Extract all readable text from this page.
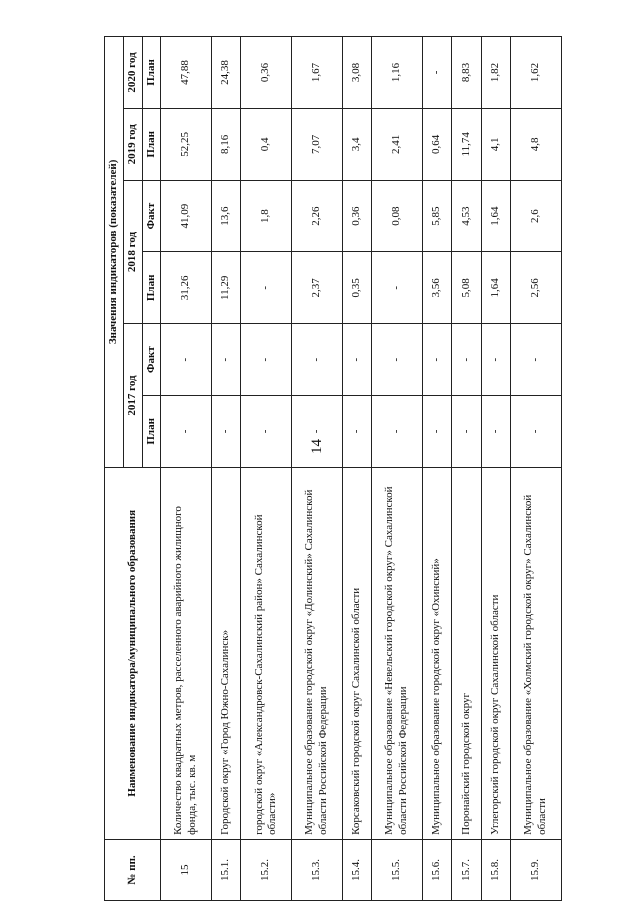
14
№ пп.	Наименование индикатора/муниципального образования	Значения индикаторов (показателей)					
		2017 год		2018 год		2019 год	2020 год
		План	Факт	План	Факт	План	План
15	Количество квадратных метров, расселенного аварийного жилищного фонда, тыс. кв. м	-	-	31,26	41,09	52,25	47,88
15.1.	Городской округ «Город Южно-Сахалинск»	-	-	11,29	13,6	8,16	24,38
15.2.	городской округ «Александровск-Сахалинский район» Сахалинской области»	-	-	-	1,8	0,4	0,36
15.3.	Муниципальное образование городской округ «Долинский» Сахалинской области Российской Федерации	-	-	2,37	2,26	7,07	1,67
15.4.	Корсаковский городской округ Сахалинской области	-	-	0,35	0,36	3,4	3,08
15.5.	Муниципальное образование «Невельский городской округ» Сахалинской области Российской Федерации	-	-	-	0,08	2,41	1,16
15.6.	Муниципальное образование городской округ «Охинский»	-	-	3,56	5,85	0,64	-
15.7.	Поронайский городской округ	-	-	5,08	4,53	11,74	8,83
15.8.	Углегорский городской округ Сахалинской области	-	-	1,64	1,64	4,1	1,82
15.9.	Муниципальное образование «Холмский городской округ» Сахалинской области	-	-	2,56	2,6	4,8	1,62
